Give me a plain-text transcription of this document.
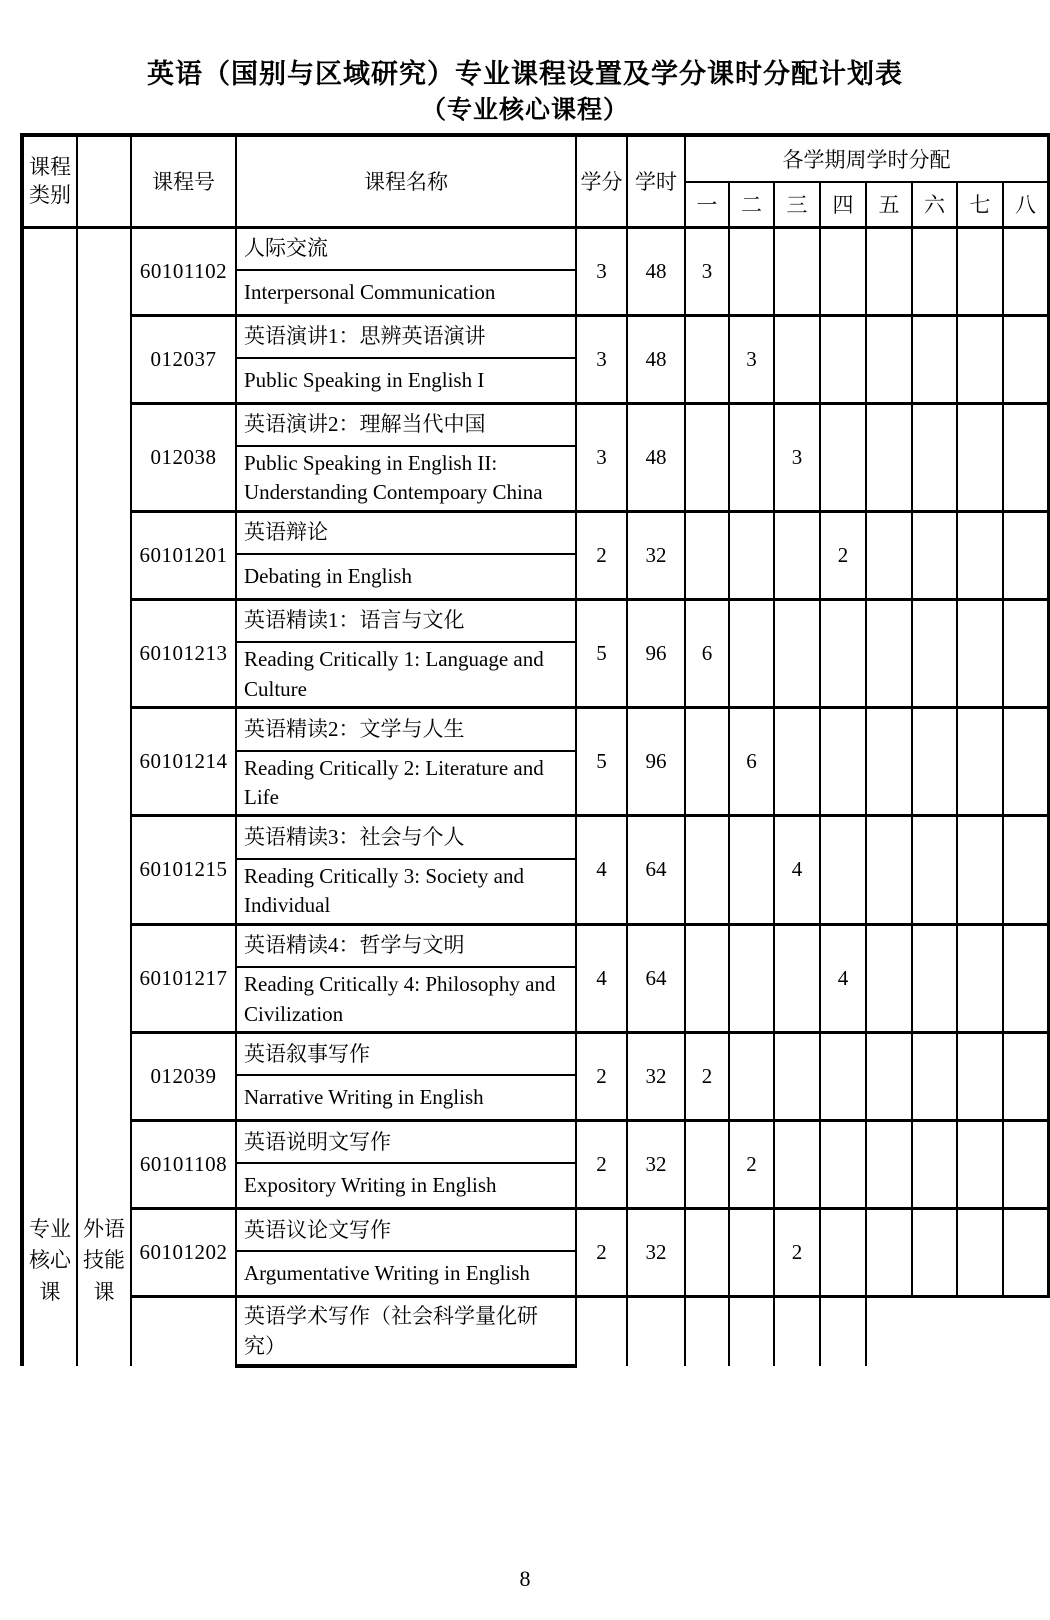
英语（国别与区域研究）专业课程设置及学分课时分配计划表
（专业核心课程）
课程类别		课程号	课程名称	学分	学时	各学期周学时分配							
						一	二	三	四	五	六	七	八

专业核心课	外语技能课	60101102	人际交流	3	48	3							
			Interpersonal Communication										
		012037	英语演讲1：思辨英语演讲	3	48		3						
			Public Speaking in English I										
		012038	英语演讲2：理解当代中国	3	48			3					
			Public Speaking in English II: Understanding Contempoary China										
		60101201	英语辩论	2	32				2				
			Debating in English										
		60101213	英语精读1：语言与文化	5	96	6							
			Reading Critically 1: Language and Culture										
		60101214	英语精读2：文学与人生	5	96		6						
			Reading Critically 2: Literature and Life										
		60101215	英语精读3：社会与个人	4	64			4					
			Reading Critically 3: Society and Individual										
		60101217	英语精读4：哲学与文明	4	64				4				
			Reading Critically 4: Philosophy and Civilization										
		012039	英语叙事写作	2	32	2							
			Narrative Writing in English										
		60101108	英语说明文写作	2	32		2						
			Expository Writing in English										
		60101202	英语议论文写作	2	32			2					
			Argumentative Writing in English										
			英语学术写作（社会科学量化研究）										
8
